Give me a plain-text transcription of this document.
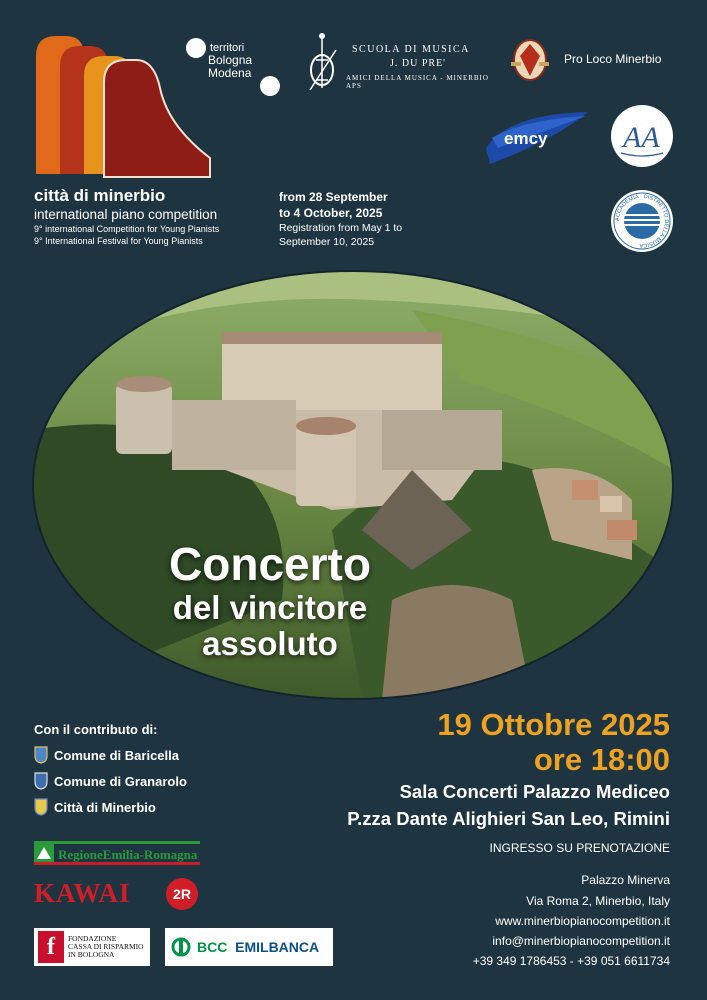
territori
Bologna Modena
SCUOLA DI MUSICA
J. DU PRE'
AMICI DELLA MUSICA - MINERBIO APS
Pro Loco Minerbio
emcy	AA
ACCADEMIA · DISTRETTO DELLA MUSICA
città di minerbio
international piano competition
9° international Competition for Young Pianists
9° International Festival for Young Pianists
from 28 September
to 4 October, 2025
Registration from May 1 to
September 10, 2025
Concerto
del vincitore
assoluto
Con il contributo di:
Comune di Baricella
Comune di Granarolo
Città di Minerbio
RegioneEmilia-Romagna
KAWAI	2R
f	FONDAZIONE
CASSA DI RISPARMIO
IN BOLOGNA	BCC EMILBANCA
19 Ottobre 2025
ore 18:00
Sala Concerti Palazzo Mediceo
P.zza Dante Alighieri San Leo, Rimini
INGRESSO SU PRENOTAZIONE
Palazzo Minerva
Via Roma 2, Minerbio, Italy
www.minerbiopianocompetition.it
info@minerbiopianocompetition.it
+39 349 1786453 - +39 051 6611734
